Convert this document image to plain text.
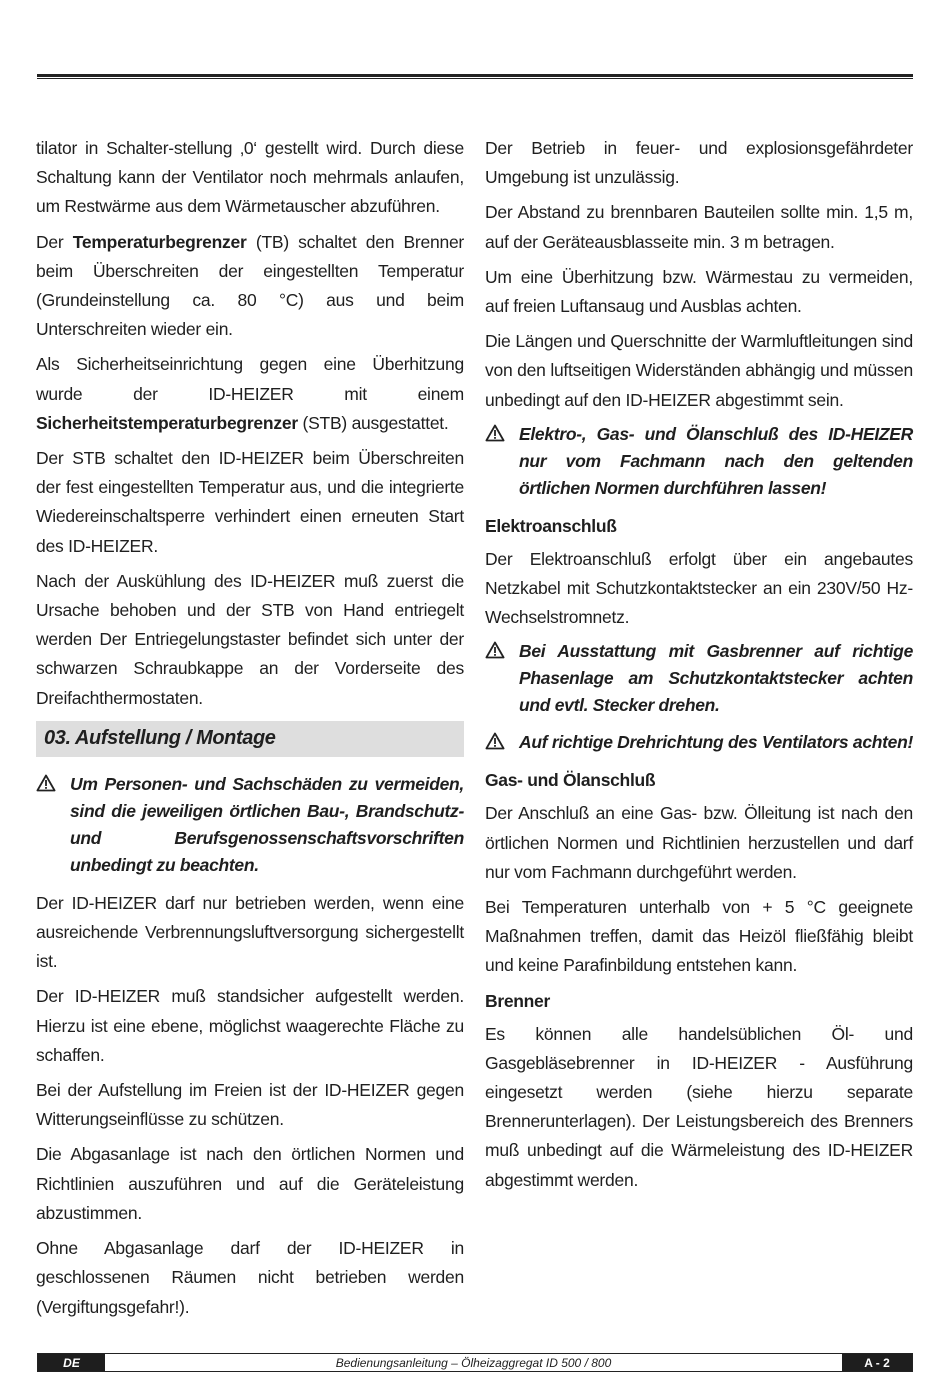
tilator in Schalter-stellung ‚0‘ gestellt wird. Durch diese Schaltung kann der Ventilator noch mehrmals anlaufen, um Restwärme aus dem Wärmetauscher abzuführen.

Der Temperaturbegrenzer (TB) schaltet den Brenner beim Überschreiten der eingestellten Temperatur (Grundeinstellung ca. 80 °C) aus und beim Unterschreiten wieder ein.

Als Sicherheitseinrichtung gegen eine Überhitzung wurde der ID-HEIZER mit einem Sicherheitstemperaturbegrenzer (STB) ausgestattet.

Der STB schaltet den ID-HEIZER beim Überschreiten der fest eingestellten Temperatur aus, und die integrierte Wiedereinschaltsperre verhindert einen erneuten Start des ID-HEIZER.

Nach der Auskühlung des ID-HEIZER muß zuerst die Ursache behoben und der STB von Hand entriegelt werden Der Entriegelungstaster befindet sich unter der schwarzen Schraubkappe an der Vorderseite des Dreifachthermostaten.

03. Aufstellung / Montage
Um Personen- und Sachschäden zu vermeiden, sind die jeweiligen örtlichen Bau-, Brandschutz- und Berufsgenossenschaftsvorschriften unbedingt zu beachten.

Der ID-HEIZER darf nur betrieben werden, wenn eine ausreichende Verbrennungsluftversorgung sichergestellt ist.

Der ID-HEIZER muß standsicher aufgestellt werden. Hierzu ist eine ebene, möglichst waagerechte Fläche zu schaffen.

Bei der Aufstellung im Freien ist der ID-HEIZER gegen Witterungseinflüsse zu schützen.

Die Abgasanlage ist nach den örtlichen Normen und Richtlinien auszuführen und auf die Geräteleistung abzustimmen.

Ohne Abgasanlage darf der ID-HEIZER in geschlossenen Räumen nicht betrieben werden (Vergiftungsgefahr!).

Der Betrieb in feuer- und explosionsgefährdeter Umgebung ist unzulässig.

Der Abstand zu brennbaren Bauteilen sollte min. 1,5 m, auf der Geräteausblasseite min. 3 m betragen.

Um eine Überhitzung bzw. Wärmestau zu vermeiden, auf freien Luftansaug und Ausblas achten.

Die Längen und Querschnitte der Warmluftleitungen sind von den luftseitigen Widerständen abhängig und müssen unbedingt auf den ID-HEIZER abgestimmt sein.

Elektro-, Gas- und Ölanschluß des ID-HEIZER nur vom Fachmann nach den geltenden örtlichen Normen durchführen lassen!
Elektroanschluß

Der Elektroanschluß erfolgt über ein angebautes Netzkabel mit Schutzkontaktstecker an ein 230V/50 Hz-Wechselstromnetz.

Bei Ausstattung mit Gasbrenner auf richtige Phasenlage am Schutzkontaktstecker achten und evtl. Stecker drehen.
Auf richtige Drehrichtung des Ventilators achten!
Gas- und Ölanschluß

Der Anschluß an eine Gas- bzw. Ölleitung ist nach den örtlichen Normen und Richtlinien herzustellen und darf nur vom Fachmann durchgeführt werden.

Bei Temperaturen unterhalb von + 5 °C geeignete Maßnahmen treffen, damit das Heizöl fließfähig bleibt und keine Parafinbildung entstehen kann.

Brenner

Es können alle handelsüblichen Öl- und Gasgebläsebrenner in ID-HEIZER - Ausführung eingesetzt werden (siehe hierzu separate Brennerunterlagen). Der Leistungsbereich des Brenners muß unbedingt auf die Wärmeleistung des ID-HEIZER abgestimmt werden.

DE	Bedienungsanleitung – Ölheizaggregat ID 500 / 800	A - 2
